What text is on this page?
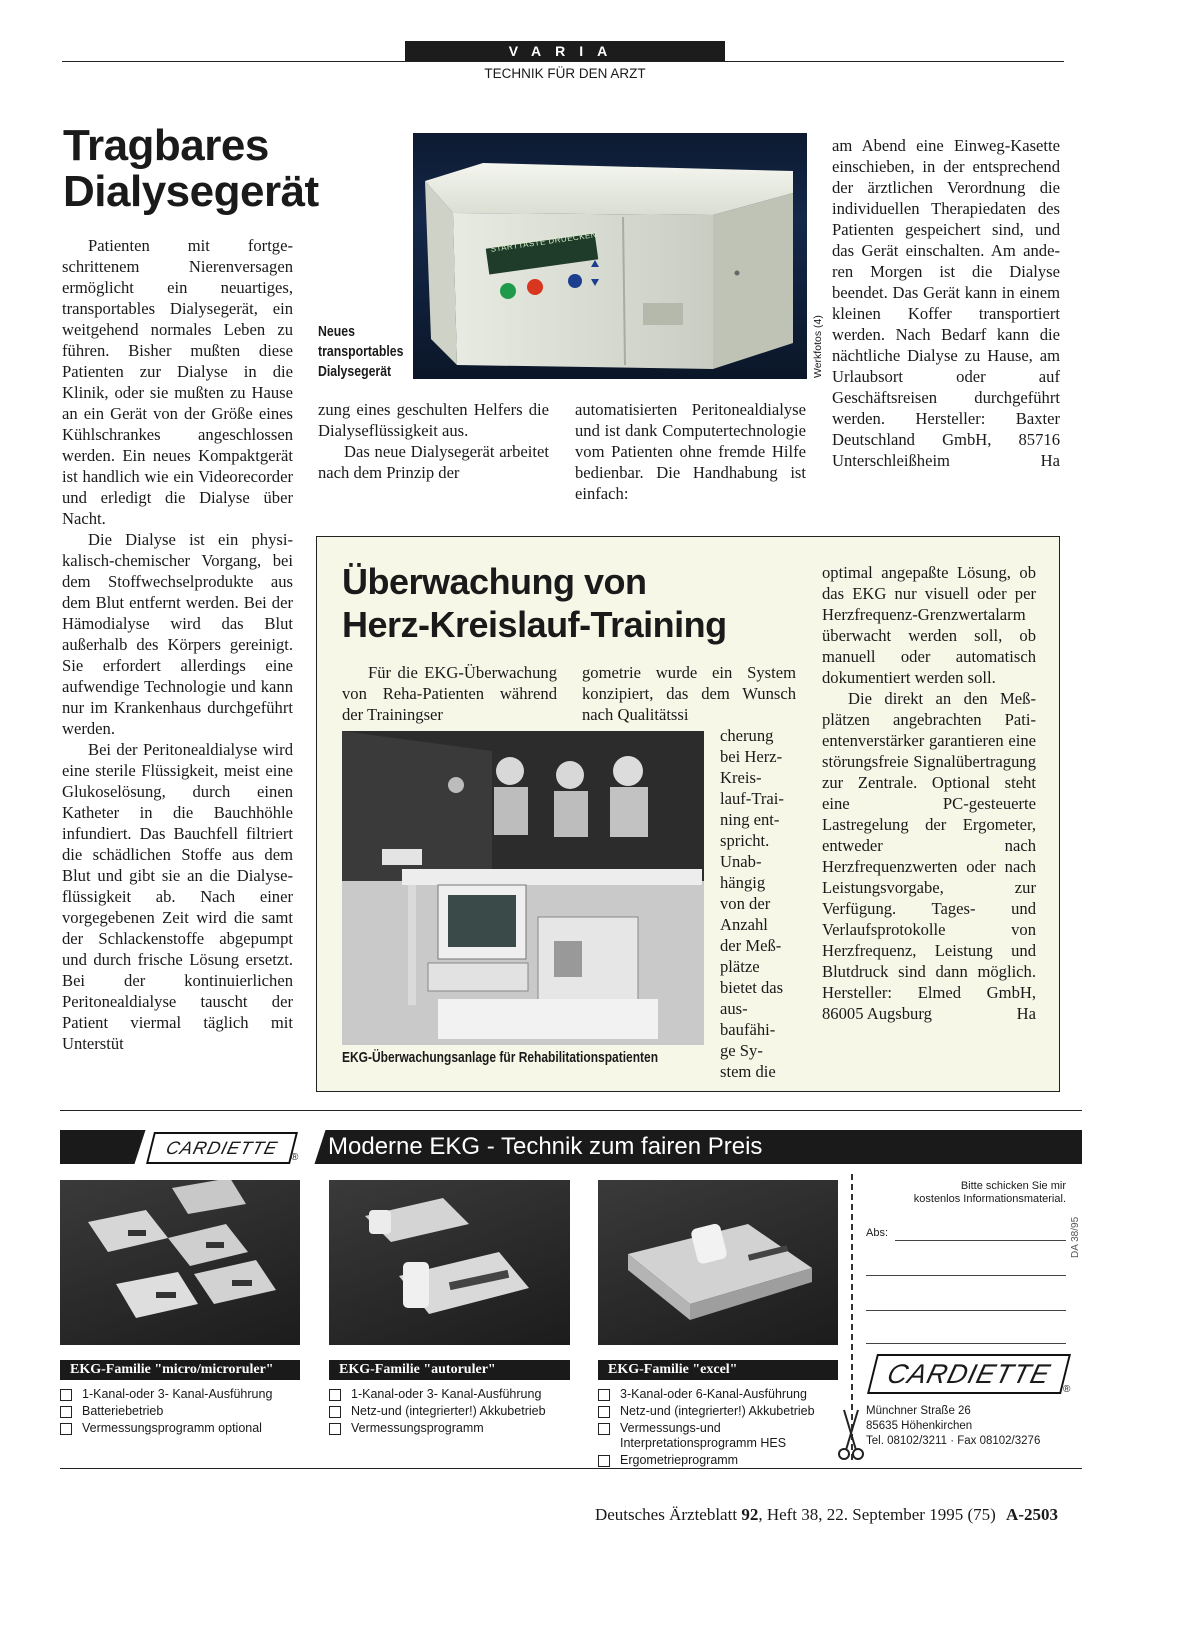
VARIA
TECHNIK FÜR DEN ARZT
Tragbares
Dialysegerät

Patienten mit fortgeschrittenem Nierenversagen ermöglicht ein neuartiges, transportables Dialysegerät, ein weitgehend normales Leben zu führen. Bisher mußten diese Patienten zur Dialyse in die Klinik, oder sie mußten zu Hause an ein Gerät von der Größe eines Kühlschrankes angeschlossen werden. Ein neues Kompaktgerät ist handlich wie ein Videorecorder und erledigt die Dialyse über Nacht.

Die Dialyse ist ein physikalisch-chemischer Vorgang, bei dem Stoffwechselprodukte aus dem Blut entfernt werden. Bei der Hämodialyse wird das Blut außerhalb des Körpers gereinigt. Sie erfordert allerdings eine aufwendige Technologie und kann nur im Krankenhaus durchgeführt werden.

Bei der Peritonealdialyse wird eine sterile Flüssigkeit, meist eine Glukoselösung, durch einen Katheter in die Bauchhöhle infundiert. Das Bauchfell filtriert die schädlichen Stoffe aus dem Blut und gibt sie an die Dialyseflüssigkeit ab. Nach einer vorgegebenen Zeit wird die samt der Schlackenstoffe abgepumpt und durch frische Lösung ersetzt. Bei der kontinuierlichen Peritonealdialyse tauscht der Patient viermal täglich mit Unterstüt

STARTTASTE DRUECKEN
Neues
transportables
Dialysegerät	Werkfotos (4)

zung eines geschulten Helfers die Dialyseflüssigkeit aus.

Das neue Dialysegerät arbeitet nach dem Prinzip der

automatisierten Peritonealdialyse und ist dank Computertechnologie vom Patienten ohne fremde Hilfe bedienbar. Die Handhabung ist einfach:

am Abend eine Einweg-Kasette einschieben, in der entsprechend der ärztlichen Verordnung die individuellen Therapiedaten des Patienten gespeichert sind, und das Gerät einschalten. Am anderen Morgen ist die Dialyse beendet. Das Gerät kann in einem kleinen Koffer transportiert werden. Nach Bedarf kann die nächtliche Dialyse zu Hause, am Urlaubsort oder auf Geschäftsreisen durchgeführt werden. Hersteller: Baxter Deutschland GmbH, 85716 Unterschleißheim	Ha

Überwachung von
Herz-Kreislauf-Training

Für die EKG-Überwachung von Reha-Patienten während der Trainingser

gometrie wurde ein System konzipiert, das dem Wunsch nach Qualitätssi

cherung
bei Herz-
Kreis-
lauf-Trai-
ning ent-
spricht.
Unab-
hängig
von der
Anzahl
der Meß-
plätze
bietet das
aus-
baufähi-
ge Sy-
stem die
EKG-Überwachungsanlage für Rehabilitationspatienten

optimal angepaßte Lösung, ob das EKG nur visuell oder per Herzfrequenz-Grenzwertalarm überwacht werden soll, ob manuell oder automatisch dokumentiert werden soll.

Die direkt an den Meßplätzen angebrachten Patientenverstärker garantieren eine störungsfreie Signalübertragung zur Zentrale. Optional steht eine PC-gesteuerte Lastregelung der Ergometer, entweder nach Herzfrequenzwerten oder nach Leistungsvorgabe, zur Verfügung. Tages- und Verlaufsprotokolle von Herzfrequenz, Leistung und Blutdruck sind dann möglich. Hersteller: Elmed GmbH, 86005 Augsburg	Ha

CARDIETTE	® Moderne EKG - Technik zum fairen Preis
EKG-Familie "micro/microruler"	EKG-Familie "autoruler"	EKG-Familie "excel"
1-Kanal-oder 3- Kanal-Ausführung
Batteriebetrieb
Vermessungsprogramm optional
1-Kanal-oder 3- Kanal-Ausführung
Netz-und (integrierter!) Akkubetrieb
Vermessungsprogramm
3-Kanal-oder 6-Kanal-Ausführung
Netz-und (integrierter!) Akkubetrieb
Vermessungs-und Interpretationsprogramm HES
Ergometrieprogramm
Bitte schicken Sie mir
kostenlos Informationsmaterial.
Abs:	DA 38/95
CARDIETTE
®
Münchner Straße 26
85635 Höhenkirchen
Tel. 08102/3211 · Fax 08102/3276
Deutsches Ärzteblatt 92, Heft 38, 22. September 1995 (75) A-2503
